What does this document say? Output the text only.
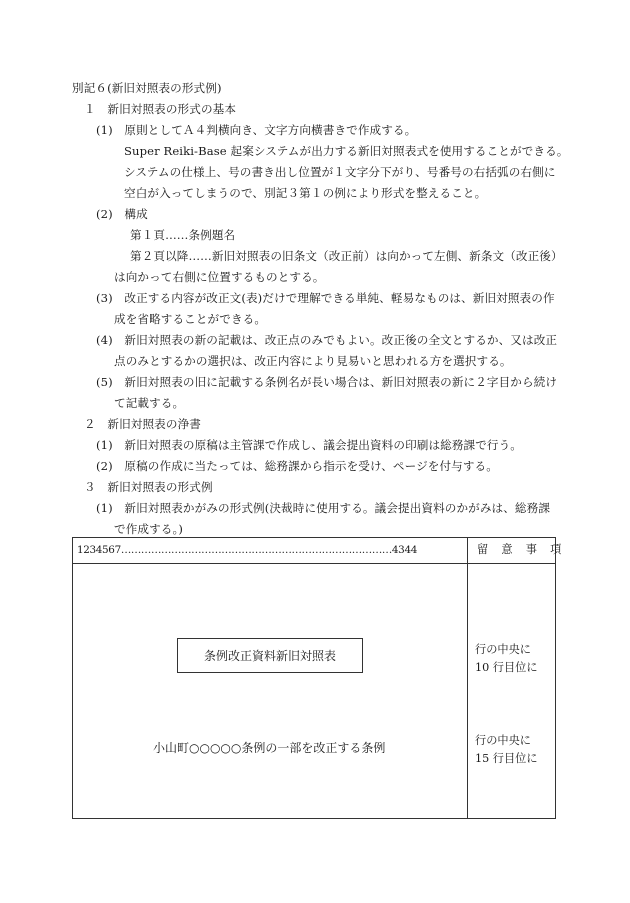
別記６(新旧対照表の形式例)
１　新旧対照表の形式の基本
(1)　原則としてＡ４判横向き、文字方向横書きで作成する。
Super Reiki-Base 起案システムが出力する新旧対照表式を使用することができる。
システムの仕様上、号の書き出し位置が１文字分下がり、号番号の右括弧の右側に
空白が入ってしまうので、別記３第１の例により形式を整えること。
(2)　構成
第１頁……条例題名
第２頁以降……新旧対照表の旧条文（改正前）は向かって左側、新条文（改正後）
は向かって右側に位置するものとする。
(3)　改正する内容が改正文(表)だけで理解できる単純、軽易なものは、新旧対照表の作
成を省略することができる。
(4)　新旧対照表の新の記載は、改正点のみでもよい。改正後の全文とするか、又は改正
点のみとするかの選択は、改正内容により見易いと思われる方を選択する。
(5)　新旧対照表の旧に記載する条例名が長い場合は、新旧対照表の新に２字目から続け
て記載する。
２　新旧対照表の浄書
(1)　新旧対照表の原稿は主管課で作成し、議会提出資料の印刷は総務課で行う。
(2)　原稿の作成に当たっては、総務課から指示を受け、ページを付与する。
３　新旧対照表の形式例
(1)　新旧対照表かがみの形式例(決裁時に使用する。議会提出資料のかがみは、総務課
で作成する。)
1234567………………………………………………………………………4344	留　意　事　項
条例改正資料新旧対照表
小山町○○○○○条例の一部を改正する条例
行の中央に
10 行目位に
行の中央に
15 行目位に
